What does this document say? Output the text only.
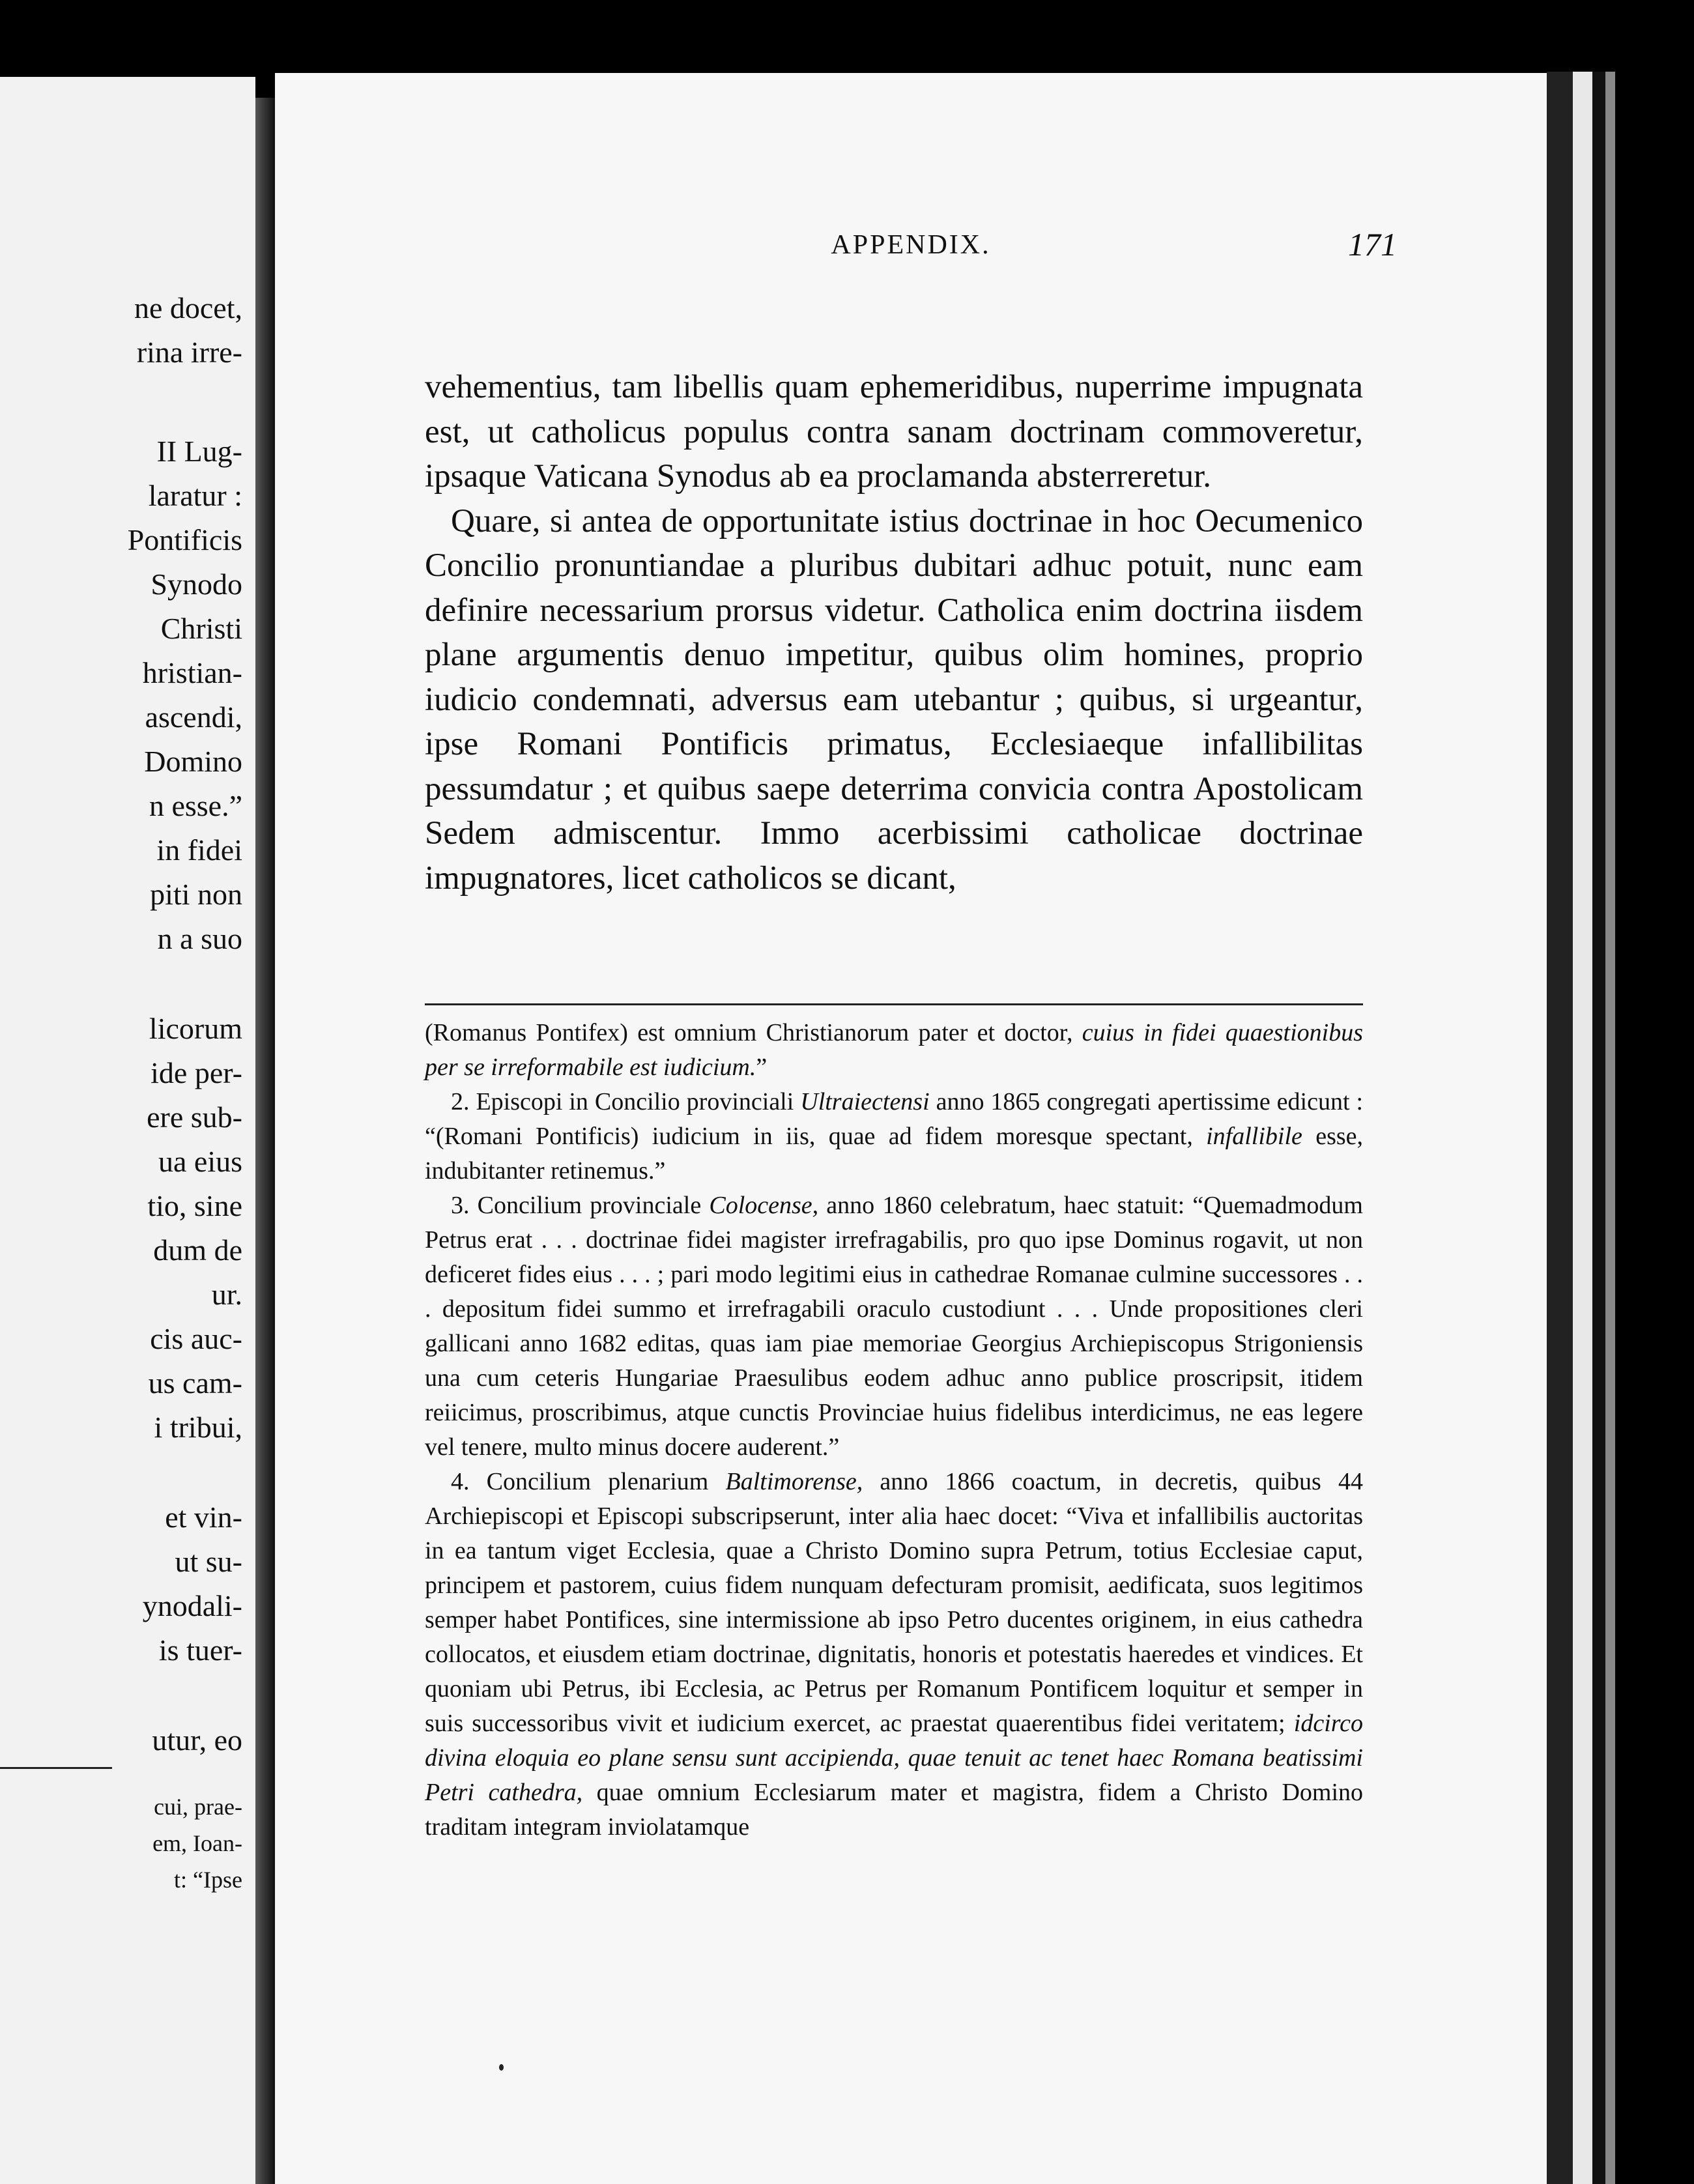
ne docet,
rina irre-
II Lug-
laratur :
Pontificis
Synodo
Christi
hristian-
ascendi,
Domino
n esse.”
in fidei
piti non
n a suo
licorum
ide per-
ere sub-
ua eius
tio, sine
dum de
ur.
cis auc-
us cam-
i tribui,
et vin-
ut su-
ynodali-
is tuer-
utur, eo
cui, prae-
em, Ioan-
t: “Ipse
APPENDIX.	171

vehementius, tam libellis quam ephemeridibus, nuperrime impugnata est, ut catholicus populus contra sanam doctrinam commoveretur, ipsaque Vaticana Synodus ab ea proclamanda absterreretur.

Quare, si antea de opportunitate istius doctrinae in hoc Oecumenico Concilio pronuntiandae a pluribus dubitari adhuc potuit, nunc eam definire necessarium prorsus videtur. Catholica enim doctrina iisdem plane argumentis denuo impetitur, quibus olim homines, proprio iudicio condemnati, adversus eam utebantur ; quibus, si urgeantur, ipse Romani Pontificis primatus, Ecclesiaeque infallibilitas pessumdatur ; et quibus saepe deterrima convicia contra Apostolicam Sedem admiscentur. Immo acerbissimi catholicae doctrinae impugnatores, licet catholicos se dicant,

(Romanus Pontifex) est omnium Christianorum pater et doctor, cuius in fidei quaestionibus per se irreformabile est iudicium.”

2. Episcopi in Concilio provinciali Ultraiectensi anno 1865 congregati apertissime edicunt : “(Romani Pontificis) iudicium in iis, quae ad fidem moresque spectant, infallibile esse, indubitanter retinemus.”

3. Concilium provinciale Colocense, anno 1860 celebratum, haec statuit: “Quemadmodum Petrus erat . . . doctrinae fidei magister irrefragabilis, pro quo ipse Dominus rogavit, ut non deficeret fides eius . . . ; pari modo legitimi eius in cathedrae Romanae culmine successores . . . depositum fidei summo et irrefragabili oraculo custodiunt . . . Unde propositiones cleri gallicani anno 1682 editas, quas iam piae memoriae Georgius Archiepiscopus Strigoniensis una cum ceteris Hungariae Praesulibus eodem adhuc anno publice proscripsit, itidem reiicimus, proscribimus, atque cunctis Provinciae huius fidelibus interdicimus, ne eas legere vel tenere, multo minus docere auderent.”

4. Concilium plenarium Baltimorense, anno 1866 coactum, in decretis, quibus 44 Archiepiscopi et Episcopi subscripserunt, inter alia haec docet: “Viva et infallibilis auctoritas in ea tantum viget Ecclesia, quae a Christo Domino supra Petrum, totius Ecclesiae caput, principem et pastorem, cuius fidem nunquam defecturam promisit, aedificata, suos legitimos semper habet Pontifices, sine intermissione ab ipso Petro ducentes originem, in eius cathedra collocatos, et eiusdem etiam doctrinae, dignitatis, honoris et potestatis haeredes et vindices. Et quoniam ubi Petrus, ibi Ecclesia, ac Petrus per Romanum Pontificem loquitur et semper in suis successoribus vivit et iudicium exercet, ac praestat quaerentibus fidei veritatem; idcirco divina eloquia eo plane sensu sunt accipienda, quae tenuit ac tenet haec Romana beatissimi Petri cathedra, quae omnium Ecclesiarum mater et magistra, fidem a Christo Domino traditam integram inviolatamque
